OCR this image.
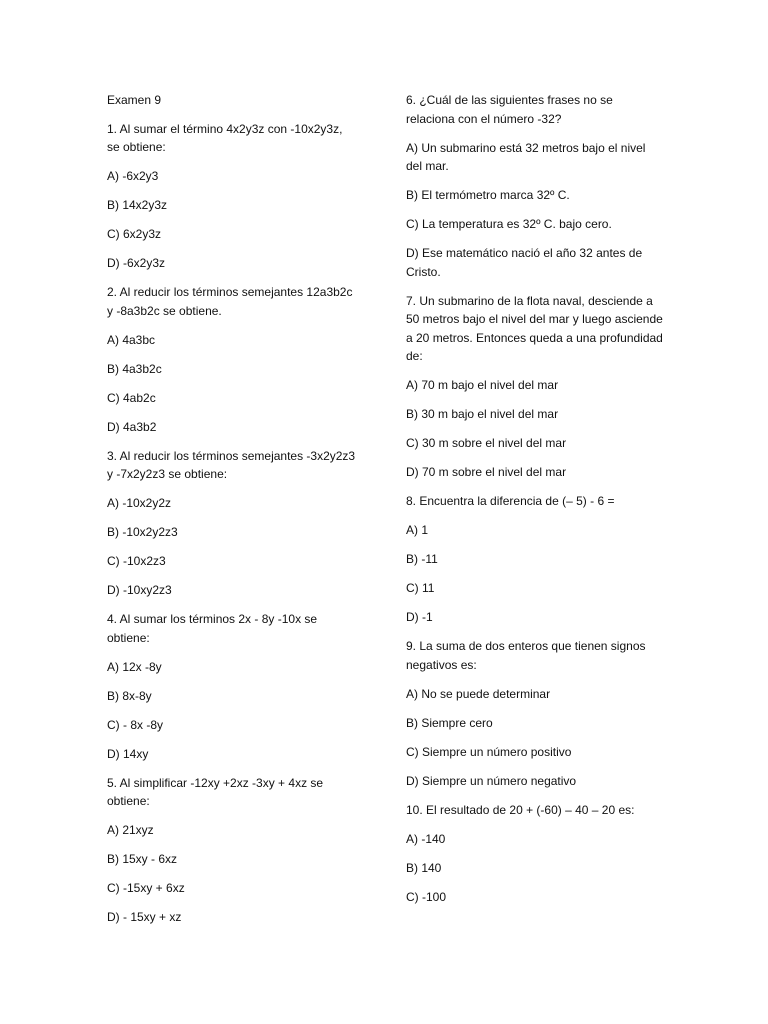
Examen 9

1. Al sumar el término 4x2y3z con -10x2y3z, se obtiene:

A) -6x2y3

B) 14x2y3z

C) 6x2y3z

D) -6x2y3z

2. Al reducir los términos semejantes 12a3b2c y -8a3b2c se obtiene.

A) 4a3bc

B) 4a3b2c

C) 4ab2c

D) 4a3b2

3. Al reducir los términos semejantes -3x2y2z3 y -7x2y2z3 se obtiene:

A) -10x2y2z

B) -10x2y2z3

C) -10x2z3

D) -10xy2z3

4. Al sumar los términos 2x - 8y -10x se obtiene:

A) 12x -8y

B) 8x-8y

C) - 8x -8y

D) 14xy

5. Al simplificar -12xy +2xz -3xy + 4xz se obtiene:

A) 21xyz

B) 15xy - 6xz

C) -15xy + 6xz

D) - 15xy + xz

6. ¿Cuál de las siguientes frases no se relaciona con el número -32?

A) Un submarino está 32 metros bajo el nivel del mar.

B) El termómetro marca 32º C.

C) La temperatura es 32º C. bajo cero.

D) Ese matemático nació el año 32 antes de Cristo.

7. Un submarino de la flota naval, desciende a 50 metros bajo el nivel del mar y luego asciende a 20 metros. Entonces queda a una profundidad de:

A) 70 m bajo el nivel del mar

B) 30 m bajo el nivel del mar

C) 30 m sobre el nivel del mar

D) 70 m sobre el nivel del mar

8. Encuentra la diferencia de (– 5) - 6 =

A) 1

B) -11

C) 11

D) -1

9. La suma de dos enteros que tienen signos negativos es:

A) No se puede determinar

B) Siempre cero

C) Siempre un número positivo

D) Siempre un número negativo

10. El resultado de 20 + (-60) – 40 – 20 es:

A) -140

B) 140

C) -100
